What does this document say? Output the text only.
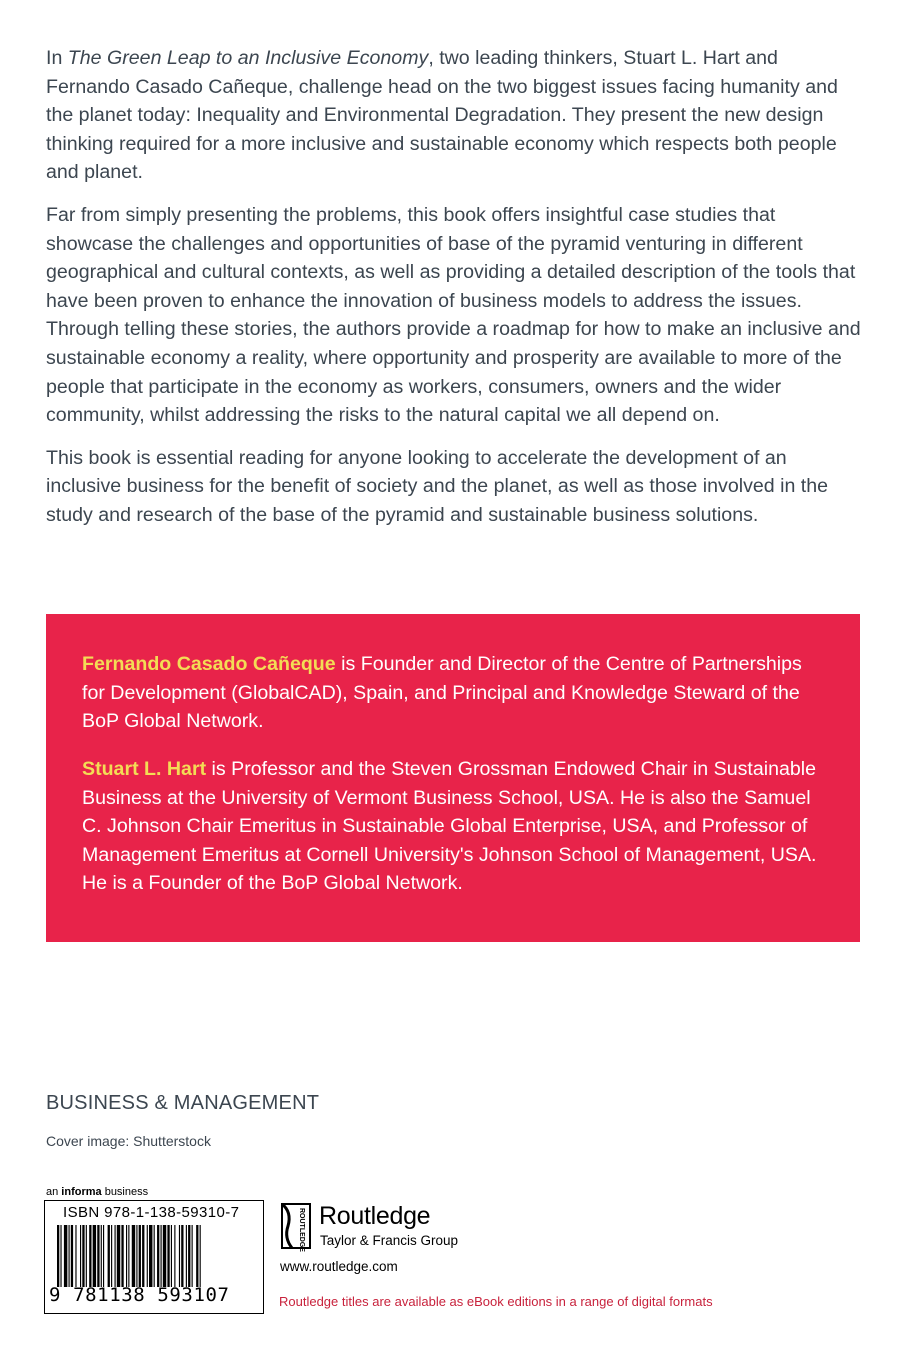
In The Green Leap to an Inclusive Economy, two leading thinkers, Stuart L. Hart and Fernando Casado Cañeque, challenge head on the two biggest issues facing humanity and the planet today: Inequality and Environmental Degradation. They present the new design thinking required for a more inclusive and sustainable economy which respects both people and planet.

Far from simply presenting the problems, this book offers insightful case studies that showcase the challenges and opportunities of base of the pyramid venturing in different geographical and cultural contexts, as well as providing a detailed description of the tools that have been proven to enhance the innovation of business models to address the issues. Through telling these stories, the authors provide a roadmap for how to make an inclusive and sustainable economy a reality, where opportunity and prosperity are available to more of the people that participate in the economy as workers, consumers, owners and the wider community, whilst addressing the risks to the natural capital we all depend on.

This book is essential reading for anyone looking to accelerate the development of an inclusive business for the benefit of society and the planet, as well as those involved in the study and research of the base of the pyramid and sustainable business solutions.

Fernando Casado Cañeque is Founder and Director of the Centre of Partnerships for Development (GlobalCAD), Spain, and Principal and Knowledge Steward of the BoP Global Network.

Stuart L. Hart is Professor and the Steven Grossman Endowed Chair in Sustainable Business at the University of Vermont Business School, USA. He is also the Samuel C. Johnson Chair Emeritus in Sustainable Global Enterprise, USA, and Professor of Management Emeritus at Cornell University's Johnson School of Management, USA. He is a Founder of the BoP Global Network.

BUSINESS & MANAGEMENT
Cover image: Shutterstock
an informa business
ISBN 978-1-138-59310-7
9 781138 593107
ROUTLEDGE Routledge
Taylor & Francis Group
www.routledge.com
Routledge titles are available as eBook editions in a range of digital formats
